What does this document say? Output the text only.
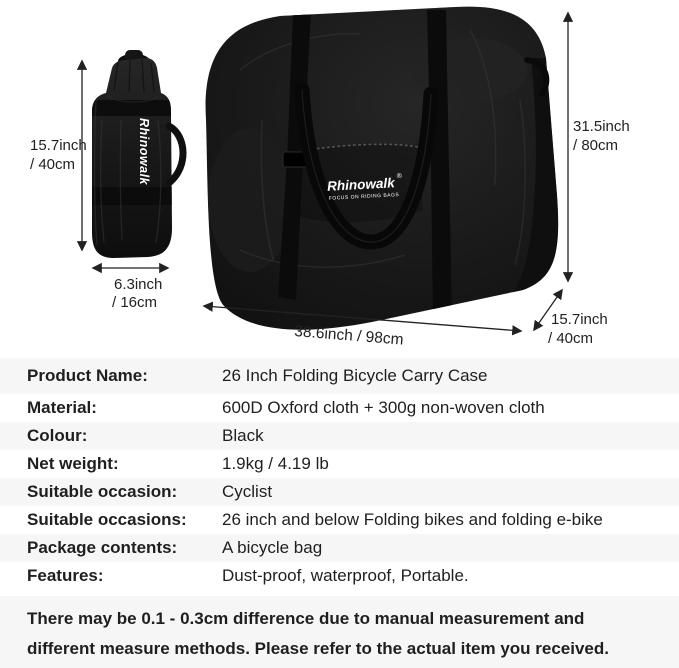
Rhinowalk	Rhinowalk ®
FOCUS ON RIDING BAGS
15.7inch
/ 40cm
6.3inch
/ 16cm
31.5inch
/ 80cm
38.6inch / 98cm
15.7inch
/ 40cm
Product Name:	26 Inch Folding Bicycle Carry Case
Material:	600D Oxford cloth + 300g non-woven cloth
Colour:	Black
Net weight:	1.9kg / 4.19 lb
Suitable occasion:	Cyclist
Suitable occasions:	26 inch and below Folding bikes and folding e-bike
Package contents:	A bicycle bag
Features:	Dust-proof, waterproof, Portable.
There may be 0.1 - 0.3cm difference due to manual measurement and
different measure methods. Please refer to the actual item you received.
